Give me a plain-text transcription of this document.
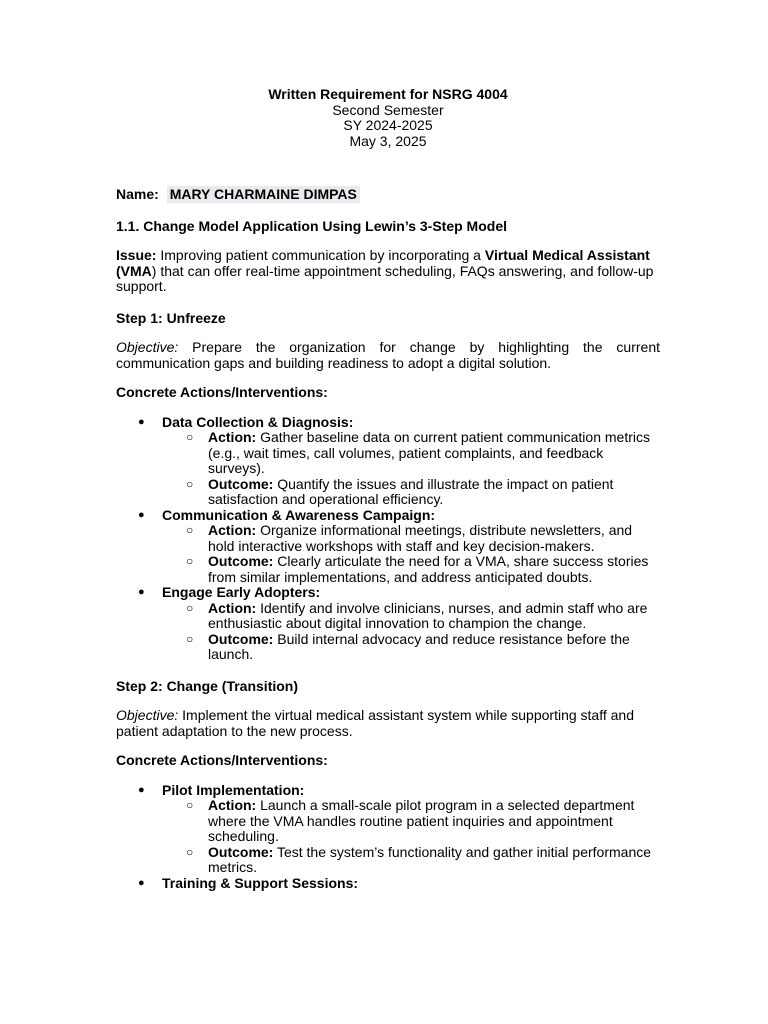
Written Requirement for NSRG 4004
Second Semester
SY 2024-2025
May 3, 2025
Name: MARY CHARMAINE DIMPAS
1.1. Change Model Application Using Lewin’s 3-Step Model

Issue: Improving patient communication by incorporating a Virtual Medical Assistant (VMA) that can offer real-time appointment scheduling, FAQs answering, and follow-up support.

Step 1: Unfreeze

Objective: Prepare the organization for change by highlighting the current communication gaps and building readiness to adopt a digital solution.

Concrete Actions/Interventions:
● Data Collection & Diagnosis:
○ Action: Gather baseline data on current patient communication metrics (e.g., wait times, call volumes, patient complaints, and feedback surveys).
○ Outcome: Quantify the issues and illustrate the impact on patient satisfaction and operational efficiency.
● Communication & Awareness Campaign:
○ Action: Organize informational meetings, distribute newsletters, and hold interactive workshops with staff and key decision-makers.
○ Outcome: Clearly articulate the need for a VMA, share success stories from similar implementations, and address anticipated doubts.
● Engage Early Adopters:
○ Action: Identify and involve clinicians, nurses, and admin staff who are enthusiastic about digital innovation to champion the change.
○ Outcome: Build internal advocacy and reduce resistance before the launch.
Step 2: Change (Transition)

Objective: Implement the virtual medical assistant system while supporting staff and patient adaptation to the new process.

Concrete Actions/Interventions:
● Pilot Implementation:
○ Action: Launch a small-scale pilot program in a selected department where the VMA handles routine patient inquiries and appointment scheduling.
○ Outcome: Test the system’s functionality and gather initial performance metrics.
● Training & Support Sessions:
